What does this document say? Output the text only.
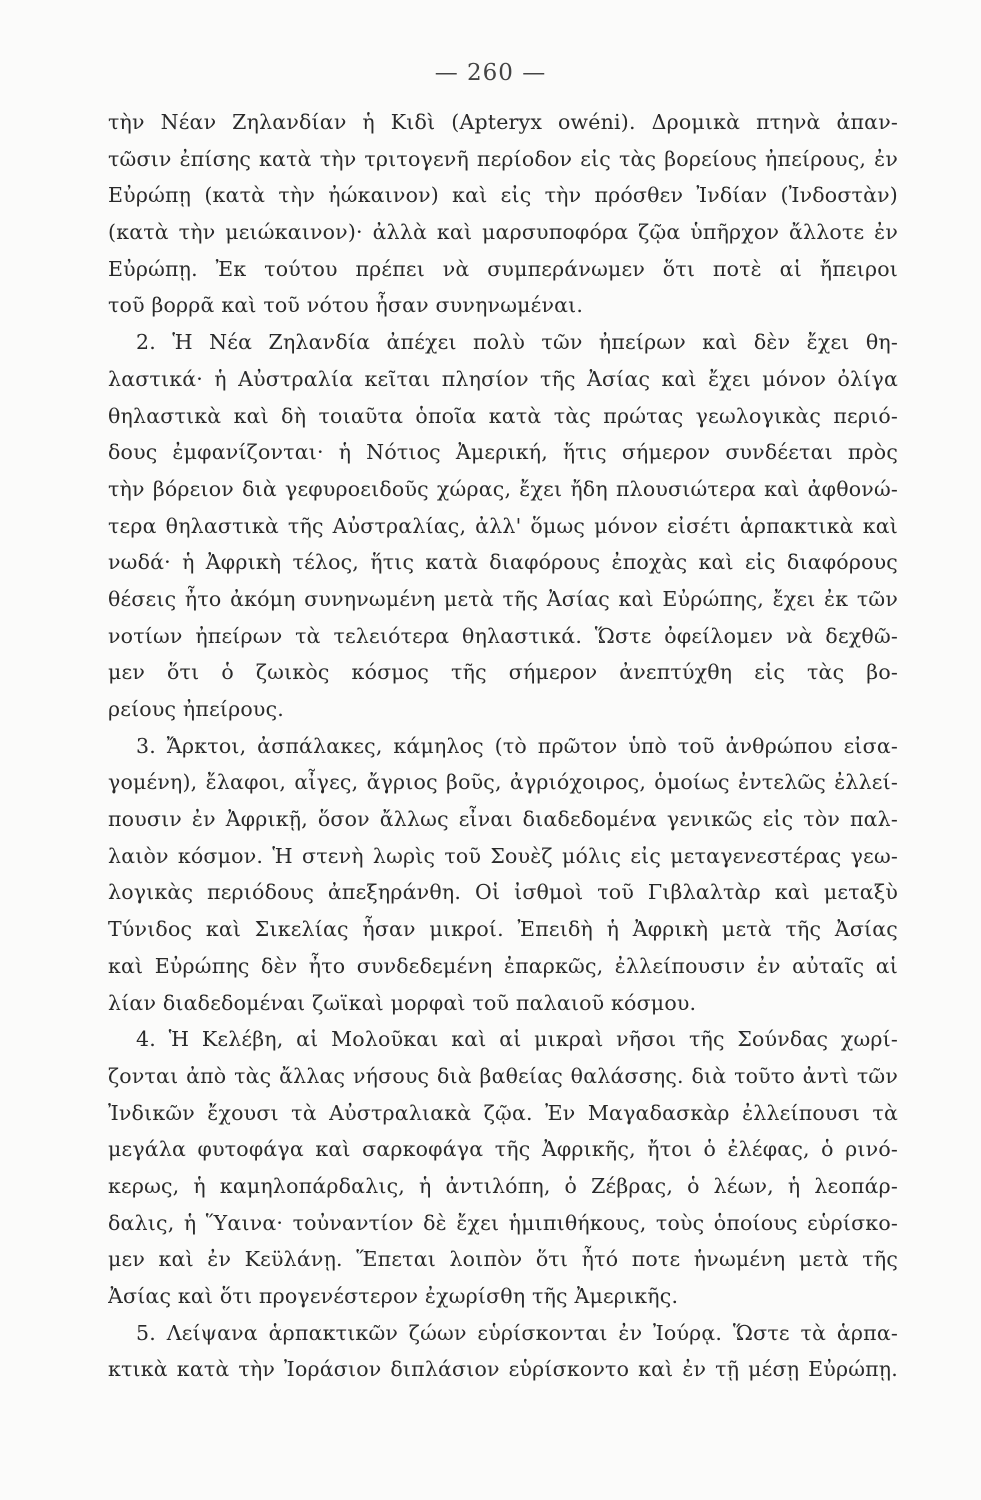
— 260 —
τὴν Νέαν Ζηλανδίαν ἡ Κιδὶ (Apteryx owéni). Δρομικὰ πτηνὰ ἀπαν-
τῶσιν ἐπίσης κατὰ τὴν τριτογενῆ περίοδον εἰς τὰς βορείους ἠπείρους, ἐν
Εὐρώπῃ (κατὰ τὴν ἠώκαινον) καὶ εἰς τὴν πρόσθεν Ἰνδίαν (Ἰνδοστὰν)
(κατὰ τὴν μειώκαινον)· ἀλλὰ καὶ μαρσυποφόρα ζῷα ὑπῆρχον ἄλλοτε ἐν
Εὐρώπῃ. Ἐκ τούτου πρέπει νὰ συμπεράνωμεν ὅτι ποτὲ αἱ ἤπειροι
τοῦ βορρᾶ καὶ τοῦ νότου ἦσαν συνηνωμέναι.
2. Ἡ Νέα Ζηλανδία ἀπέχει πολὺ τῶν ἠπείρων καὶ δὲν ἔχει θη-
λαστικά· ἡ Αὐστραλία κεῖται πλησίον τῆς Ἀσίας καὶ ἔχει μόνον ὀλίγα
θηλαστικὰ καὶ δὴ τοιαῦτα ὁποῖα κατὰ τὰς πρώτας γεωλογικὰς περιό-
δους ἐμφανίζονται· ἡ Νότιος Ἀμερική, ἥτις σήμερον συνδέεται πρὸς
τὴν βόρειον διὰ γεφυροειδοῦς χώρας, ἔχει ἤδη πλουσιώτερα καὶ ἀφθονώ-
τερα θηλαστικὰ τῆς Αὐστραλίας, ἀλλ' ὅμως μόνον εἰσέτι ἁρπακτικὰ καὶ
νωδά· ἡ Ἀφρικὴ τέλος, ἥτις κατὰ διαφόρους ἐποχὰς καὶ εἰς διαφόρους
θέσεις ἦτο ἀκόμη συνηνωμένη μετὰ τῆς Ἀσίας καὶ Εὐρώπης, ἔχει ἐκ τῶν
νοτίων ἠπείρων τὰ τελειότερα θηλαστικά. Ὥστε ὀφείλομεν νὰ δεχθῶ-
μεν ὅτι ὁ ζωικὸς κόσμος τῆς σήμερον ἀνεπτύχθη εἰς τὰς βο-
ρείους ἠπείρους.
3. Ἄρκτοι, ἀσπάλακες, κάμηλος (τὸ πρῶτον ὑπὸ τοῦ ἀνθρώπου εἰσα-
γομένη), ἔλαφοι, αἶγες, ἄγριος βοῦς, ἀγριόχοιρος, ὁμοίως ἐντελῶς ἐλλεί-
πουσιν ἐν Ἀφρικῇ, ὅσον ἄλλως εἶναι διαδεδομένα γενικῶς εἰς τὸν παλ-
λαιὸν κόσμον. Ἡ στενὴ λωρὶς τοῦ Σουὲζ μόλις εἰς μεταγενεστέρας γεω-
λογικὰς περιόδους ἀπεξηράνθη. Οἱ ἰσθμοὶ τοῦ Γιβλαλτὰρ καὶ μεταξὺ
Τύνιδος καὶ Σικελίας ἦσαν μικροί. Ἐπειδὴ ἡ Ἀφρικὴ μετὰ τῆς Ἀσίας
καὶ Εὐρώπης δὲν ἦτο συνδεδεμένη ἐπαρκῶς, ἐλλείπουσιν ἐν αὐταῖς αἱ
λίαν διαδεδομέναι ζωϊκαὶ μορφαὶ τοῦ παλαιοῦ κόσμου.
4. Ἡ Κελέβη, αἱ Μολοῦκαι καὶ αἱ μικραὶ νῆσοι τῆς Σούνδας χωρί-
ζονται ἀπὸ τὰς ἄλλας νήσους διὰ βαθείας θαλάσσης. διὰ τοῦτο ἀντὶ τῶν
Ἰνδικῶν ἔχουσι τὰ Αὐστραλιακὰ ζῷα. Ἐν Μαγαδασκὰρ ἐλλείπουσι τὰ
μεγάλα φυτοφάγα καὶ σαρκοφάγα τῆς Ἀφρικῆς, ἤτοι ὁ ἐλέφας, ὁ ρινό-
κερως, ἡ καμηλοπάρδαλις, ἡ ἀντιλόπη, ὁ Ζέβρας, ὁ λέων, ἡ λεοπάρ-
δαλις, ἡ Ὕαινα· τοὐναντίον δὲ ἔχει ἡμιπιθήκους, τοὺς ὁποίους εὑρίσκο-
μεν καὶ ἐν Κεϋλάνῃ. Ἕπεται λοιπὸν ὅτι ἦτό ποτε ἡνωμένη μετὰ τῆς
Ἀσίας καὶ ὅτι προγενέστερον ἐχωρίσθη τῆς Ἀμερικῆς.
5. Λείψανα ἁρπακτικῶν ζώων εὑρίσκονται ἐν Ἰούρᾳ. Ὥστε τὰ ἁρπα-
κτικὰ κατὰ τὴν Ἰοράσιον διπλάσιον εὑρίσκοντο καὶ ἐν τῇ μέσῃ Εὐρώπῃ.
